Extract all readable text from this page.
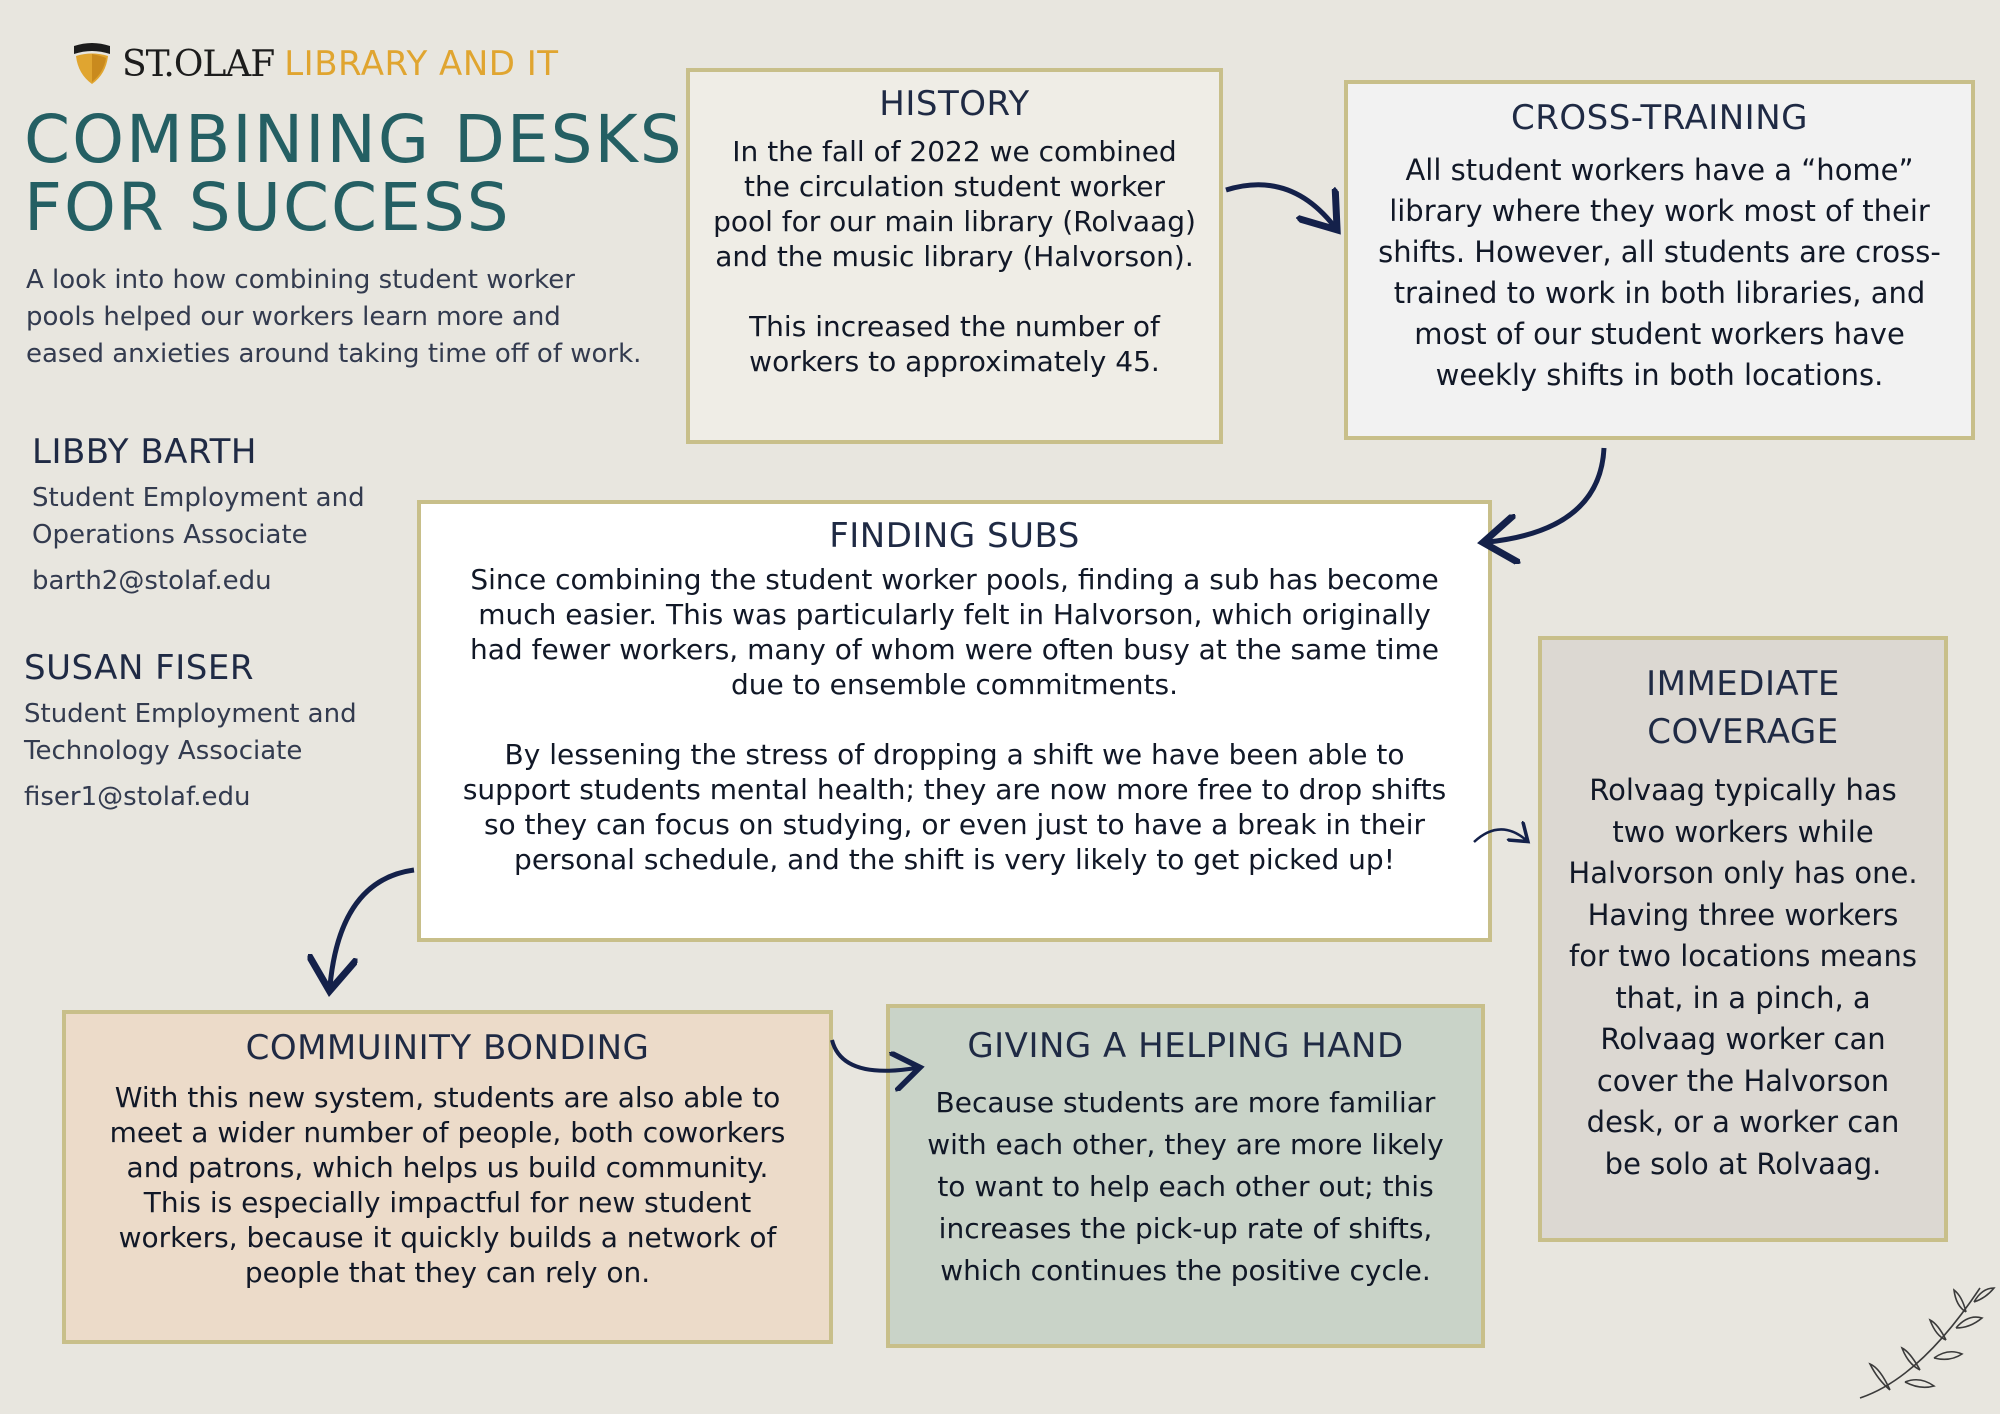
ST.OLAF LIBRARY AND IT
COMBINING DESKS
FOR SUCCESS
A look into how combining student worker
pools helped our workers learn more and
eased anxieties around taking time off of work.
LIBBY BARTH
Student Employment and
Operations Associate
barth2@stolaf.edu
SUSAN FISER
Student Employment and
Technology Associate
fiser1@stolaf.edu
HISTORY

In the fall of 2022 we combined
the circulation student worker
pool for our main library (Rolvaag)
and the music library (Halvorson).

This increased the number of
workers to approximately 45.

CROSS-TRAINING
All student workers have a “home”
library where they work most of their
shifts. However, all students are cross-
trained to work in both libraries, and
most of our student workers have
weekly shifts in both locations.
FINDING SUBS

Since combining the student worker pools, finding a sub has become
much easier. This was particularly felt in Halvorson, which originally
had fewer workers, many of whom were often busy at the same time
due to ensemble commitments.

By lessening the stress of dropping a shift we have been able to
support students mental health; they are now more free to drop shifts
so they can focus on studying, or even just to have a break in their
personal schedule, and the shift is very likely to get picked up!

IMMEDIATE
COVERAGE
Rolvaag typically has
two workers while
Halvorson only has one.
Having three workers
for two locations means
that, in a pinch, a
Rolvaag worker can
cover the Halvorson
desk, or a worker can
be solo at Rolvaag.
COMMUINITY BONDING
With this new system, students are also able to
meet a wider number of people, both coworkers
and patrons, which helps us build community.
This is especially impactful for new student
workers, because it quickly builds a network of
people that they can rely on.
GIVING A HELPING HAND
Because students are more familiar
with each other, they are more likely
to want to help each other out; this
increases the pick-up rate of shifts,
which continues the positive cycle.
